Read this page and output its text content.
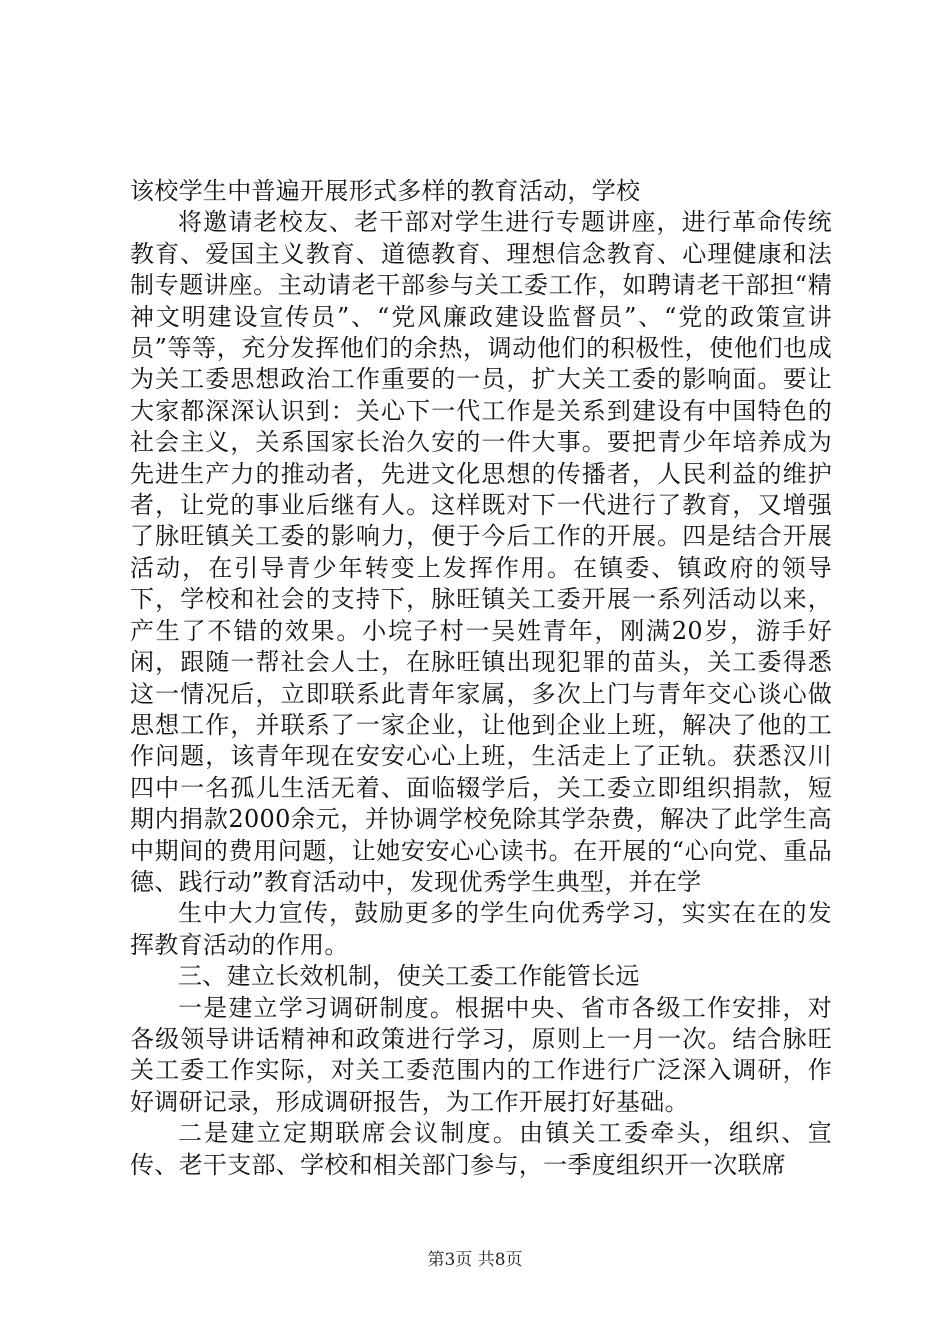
该校学生中普遍开展形式多样的教育活动，学校

将邀请老校友、老干部对学生进行专题讲座，进行革命传统教育、爱国主义教育、道德教育、理想信念教育、心理健康和法制专题讲座。主动请老干部参与关工委工作，如聘请老干部担“精神文明建设宣传员”、“党风廉政建设监督员”、“党的政策宣讲员”等等，充分发挥他们的余热，调动他们的积极性，使他们也成为关工委思想政治工作重要的一员，扩大关工委的影响面。要让大家都深深认识到：关心下一代工作是关系到建设有中国特色的社会主义，关系国家长治久安的一件大事。要把青少年培养成为先进生产力的推动者，先进文化思想的传播者，人民利益的维护者，让党的事业后继有人。这样既对下一代进行了教育，又增强了脉旺镇关工委的影响力，便于今后工作的开展。四是结合开展活动，在引导青少年转变上发挥作用。在镇委、镇政府的领导下，学校和社会的支持下，脉旺镇关工委开展一系列活动以来，产生了不错的效果。小垸子村一吴姓青年，刚满20岁，游手好闲，跟随一帮社会人士，在脉旺镇出现犯罪的苗头，关工委得悉这一情况后，立即联系此青年家属，多次上门与青年交心谈心做思想工作，并联系了一家企业，让他到企业上班，解决了他的工作问题，该青年现在安安心心上班，生活走上了正轨。获悉汉川四中一名孤儿生活无着、面临辍学后，关工委立即组织捐款，短期内捐款2000余元，并协调学校免除其学杂费，解决了此学生高中期间的费用问题，让她安安心心读书。在开展的“心向党、重品德、践行动”教育活动中，发现优秀学生典型，并在学

生中大力宣传，鼓励更多的学生向优秀学习，实实在在的发挥教育活动的作用。

三、建立长效机制，使关工委工作能管长远

一是建立学习调研制度。根据中央、省市各级工作安排，对各级领导讲话精神和政策进行学习，原则上一月一次。结合脉旺关工委工作实际，对关工委范围内的工作进行广泛深入调研，作好调研记录，形成调研报告，为工作开展打好基础。

二是建立定期联席会议制度。由镇关工委牵头，组织、宣传、老干支部、学校和相关部门参与，一季度组织开一次联席

第3页 共8页
